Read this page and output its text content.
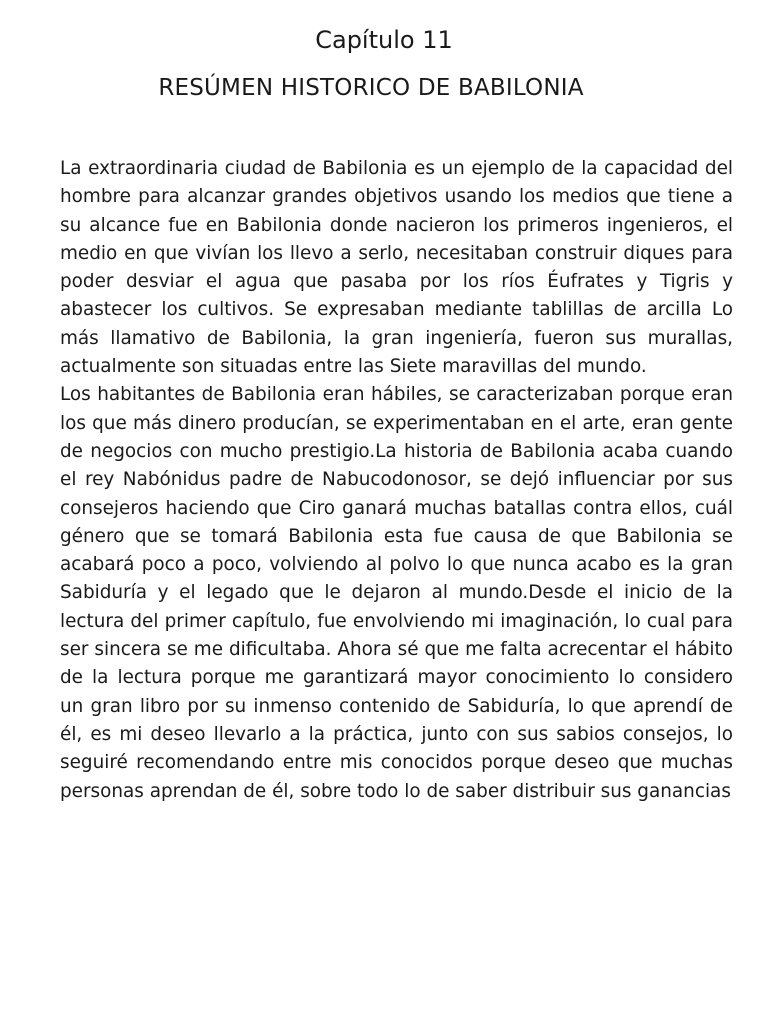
Capítulo 11
RESÚMEN HISTORICO DE BABILONIA

La extraordinaria ciudad de Babilonia es un ejemplo de la capacidad del hombre para alcanzar grandes objetivos usando los medios que tiene a su alcance fue en Babilonia donde nacieron los primeros ingenieros, el medio en que vivían los llevo a serlo, necesitaban construir diques para poder desviar el agua que pasaba por los ríos Éufrates y Tigris y abastecer los cultivos. Se expresaban mediante tablillas de arcilla Lo más llamativo de Babilonia, la gran ingeniería, fueron sus murallas, actualmente son situadas entre las Siete maravillas del mundo.

Los habitantes de Babilonia eran hábiles, se caracterizaban porque eran los que más dinero producían, se experimentaban en el arte, eran gente de negocios con mucho prestigio.La historia de Babilonia acaba cuando el rey Nabónidus padre de Nabucodonosor, se dejó influenciar por sus consejeros haciendo que Ciro ganará muchas batallas contra ellos, cuál género que se tomará Babilonia esta fue causa de que Babilonia se acabará poco a poco, volviendo al polvo lo que nunca acabo es la gran Sabiduría y el legado que le dejaron al mundo.Desde el inicio de la lectura del primer capítulo, fue envolviendo mi imaginación, lo cual para ser sincera se me dificultaba. Ahora sé que me falta acrecentar el hábito de la lectura porque me garantizará mayor conocimiento lo considero un gran libro por su inmenso contenido de Sabiduría, lo que aprendí de él, es mi deseo llevarlo a la práctica, junto con sus sabios consejos, lo seguiré recomendando entre mis conocidos porque deseo que muchas personas aprendan de él, sobre todo lo de saber distribuir sus ganancias
